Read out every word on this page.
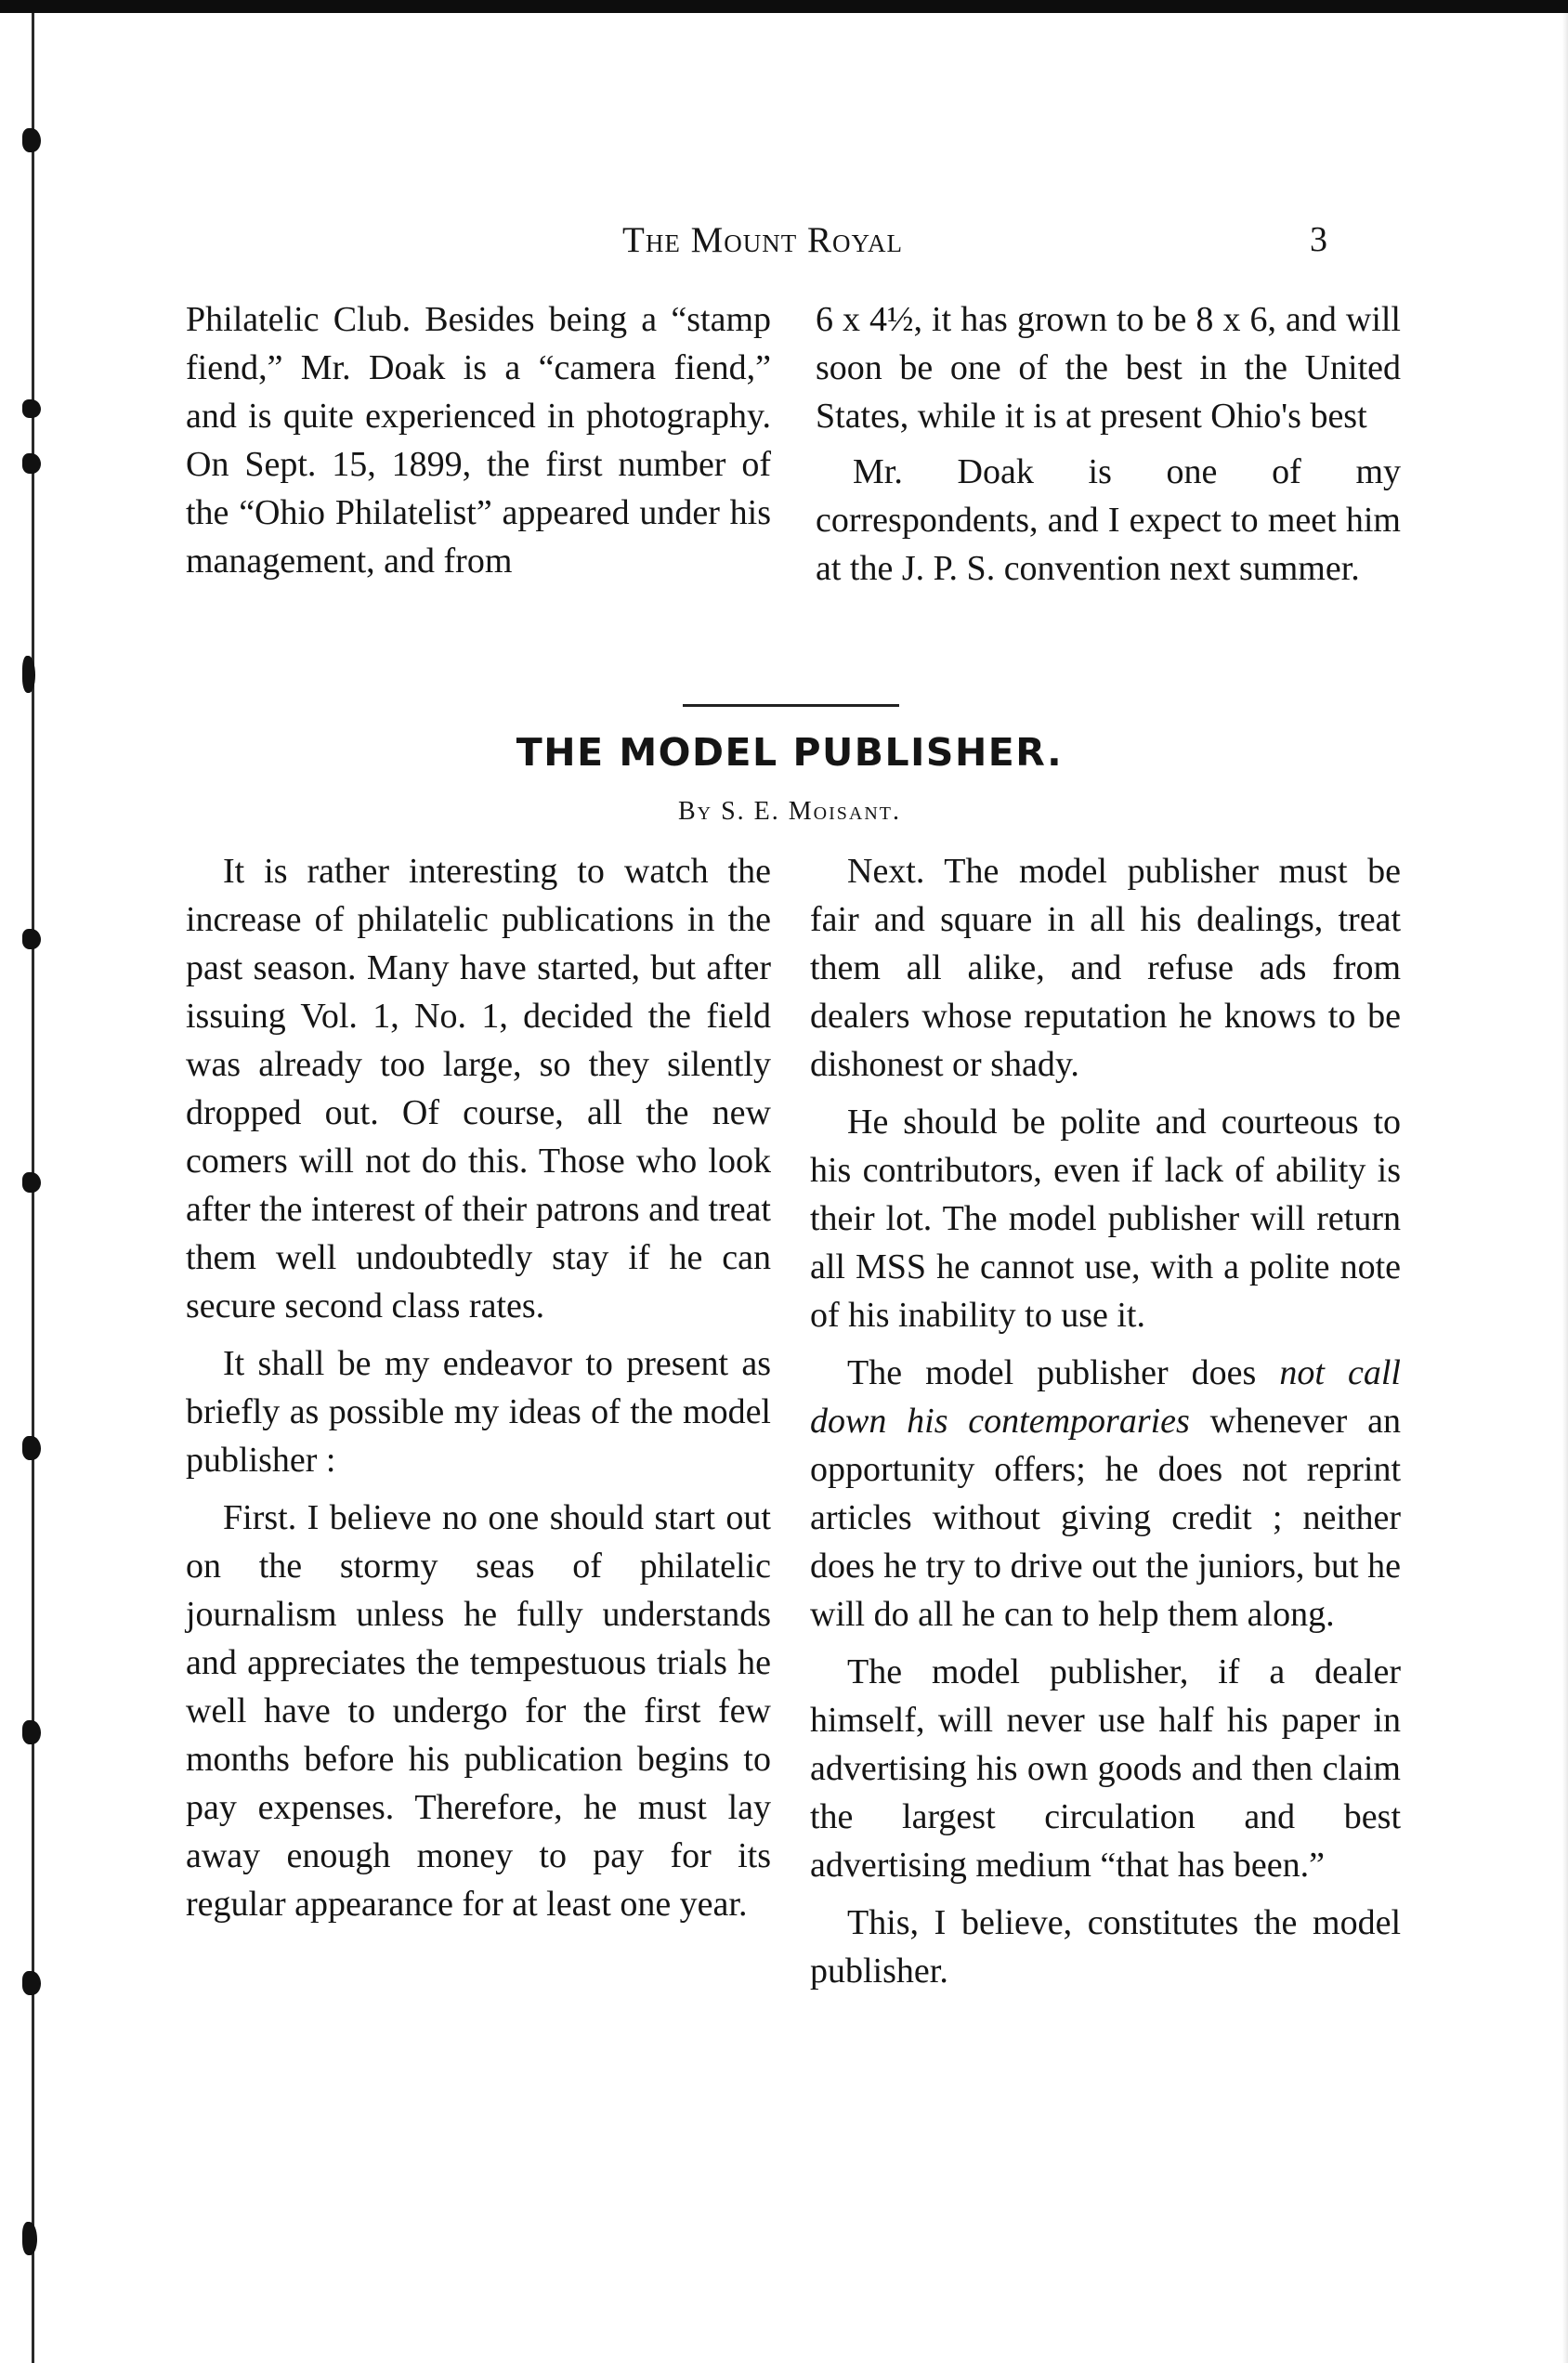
The Mount Royal	3

Philatelic Club. Besides being a “stamp fiend,” Mr. Doak is a “camera fiend,” and is quite experienced in photography. On Sept. 15, 1899, the first number of the “Ohio Philatelist” appeared under his management, and from

6 x 4½, it has grown to be 8 x 6, and will soon be one of the best in the United States, while it is at present Ohio's best

Mr. Doak is one of my correspondents, and I expect to meet him at the J. P. S. convention next summer.

THE MODEL PUBLISHER.
By S. E. Moisant.

It is rather interesting to watch the increase of philatelic publications in the past season. Many have started, but after issuing Vol. 1, No. 1, decided the field was already too large, so they silently dropped out. Of course, all the new comers will not do this. Those who look after the interest of their patrons and treat them well undoubtedly stay if he can secure second class rates.

It shall be my endeavor to present as briefly as possible my ideas of the model publisher :

First. I believe no one should start out on the stormy seas of philatelic journalism unless he fully understands and appreciates the tempestuous trials he well have to undergo for the first few months before his publication begins to pay expenses. Therefore, he must lay away enough money to pay for its regular appearance for at least one year.

Next. The model publisher must be fair and square in all his dealings, treat them all alike, and refuse ads from dealers whose reputation he knows to be dishonest or shady.

He should be polite and courteous to his contributors, even if lack of ability is their lot. The model publisher will return all MSS he cannot use, with a polite note of his inability to use it.

The model publisher does not call down his contemporaries whenever an opportunity offers; he does not reprint articles without giving credit ; neither does he try to drive out the juniors, but he will do all he can to help them along.

The model publisher, if a dealer himself, will never use half his paper in advertising his own goods and then claim the largest circulation and best advertising medium “that has been.”

This, I believe, constitutes the model publisher.
